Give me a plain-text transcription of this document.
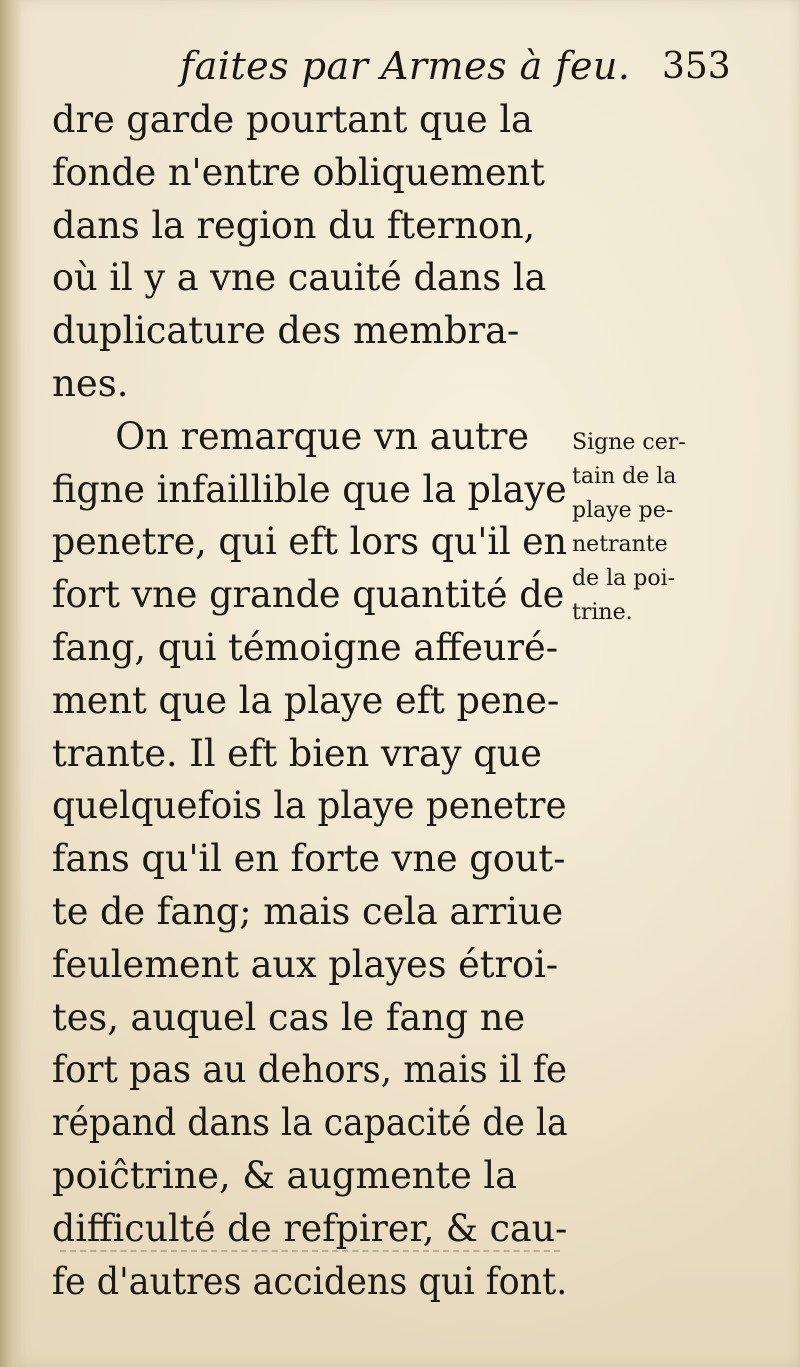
faites par Armes à feu. 353
dre garde pourtant que la
fonde n'entre obliquement
dans la region du fternon,
où il y a vne cauité dans la
duplicature des membra-
nes.
On remarque vn autre
figne infaillible que la playe
penetre, qui eft lors qu'il en
fort vne grande quantité de
fang, qui témoigne affeuré-
ment que la playe eft pene-
trante. Il eft bien vray que
quelquefois la playe penetre
fans qu'il en forte vne gout-
te de fang; mais cela arriue
feulement aux playes étroi-
tes, auquel cas le fang ne
fort pas au dehors, mais il fe
répand dans la capacité de la
poiĉtrine, & augmente la
difficulté de refpirer, & cau-
fe d'autres accidens qui font.
Signe cer-
tain de la
playe pe-
netrante
de la poi-
trine.
